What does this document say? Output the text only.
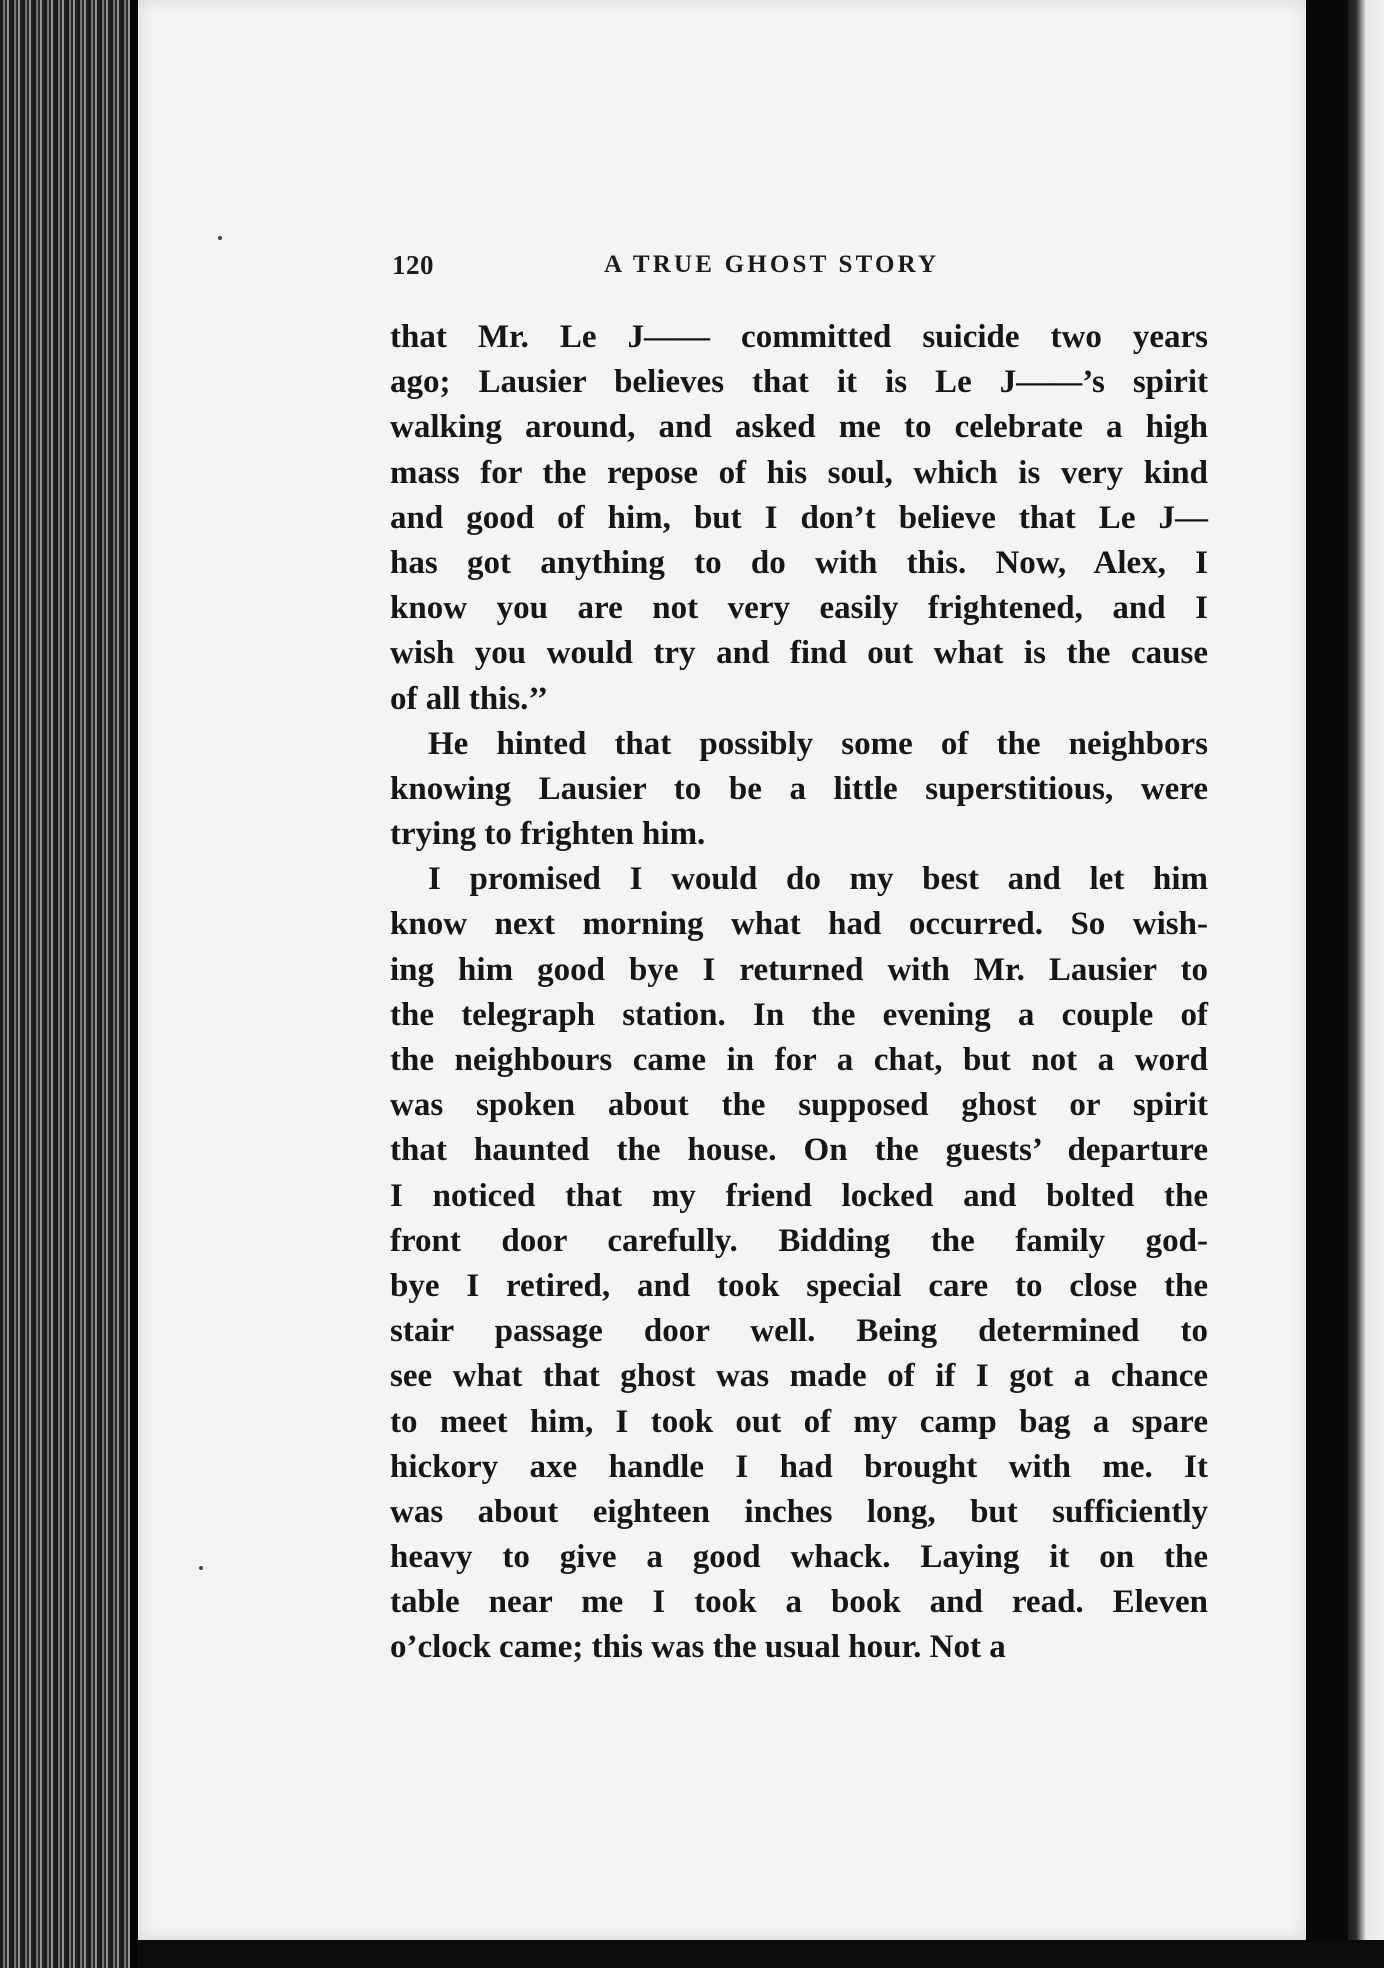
120	A TRUE GHOST STORY
that Mr. Le J—— committed suicide two years
ago; Lausier believes that it is Le J——’s spirit
walking around, and asked me to celebrate a high
mass for the repose of his soul, which is very kind
and good of him, but I don’t believe that Le J—
has got anything to do with this. Now, Alex, I
know you are not very easily frightened, and I
wish you would try and find out what is the cause
of all this.’’
He hinted that possibly some of the neighbors
knowing Lausier to be a little superstitious, were
trying to frighten him.
I promised I would do my best and let him
know next morning what had occurred. So wish-
ing him good bye I returned with Mr. Lausier to
the telegraph station. In the evening a couple of
the neighbours came in for a chat, but not a word
was spoken about the supposed ghost or spirit
that haunted the house. On the guests’ departure
I noticed that my friend locked and bolted the
front door carefully. Bidding the family god-
bye I retired, and took special care to close the
stair passage door well. Being determined to
see what that ghost was made of if I got a chance
to meet him, I took out of my camp bag a spare
hickory axe handle I had brought with me. It
was about eighteen inches long, but sufficiently
heavy to give a good whack. Laying it on the
table near me I took a book and read. Eleven
o’clock came; this was the usual hour. Not a
